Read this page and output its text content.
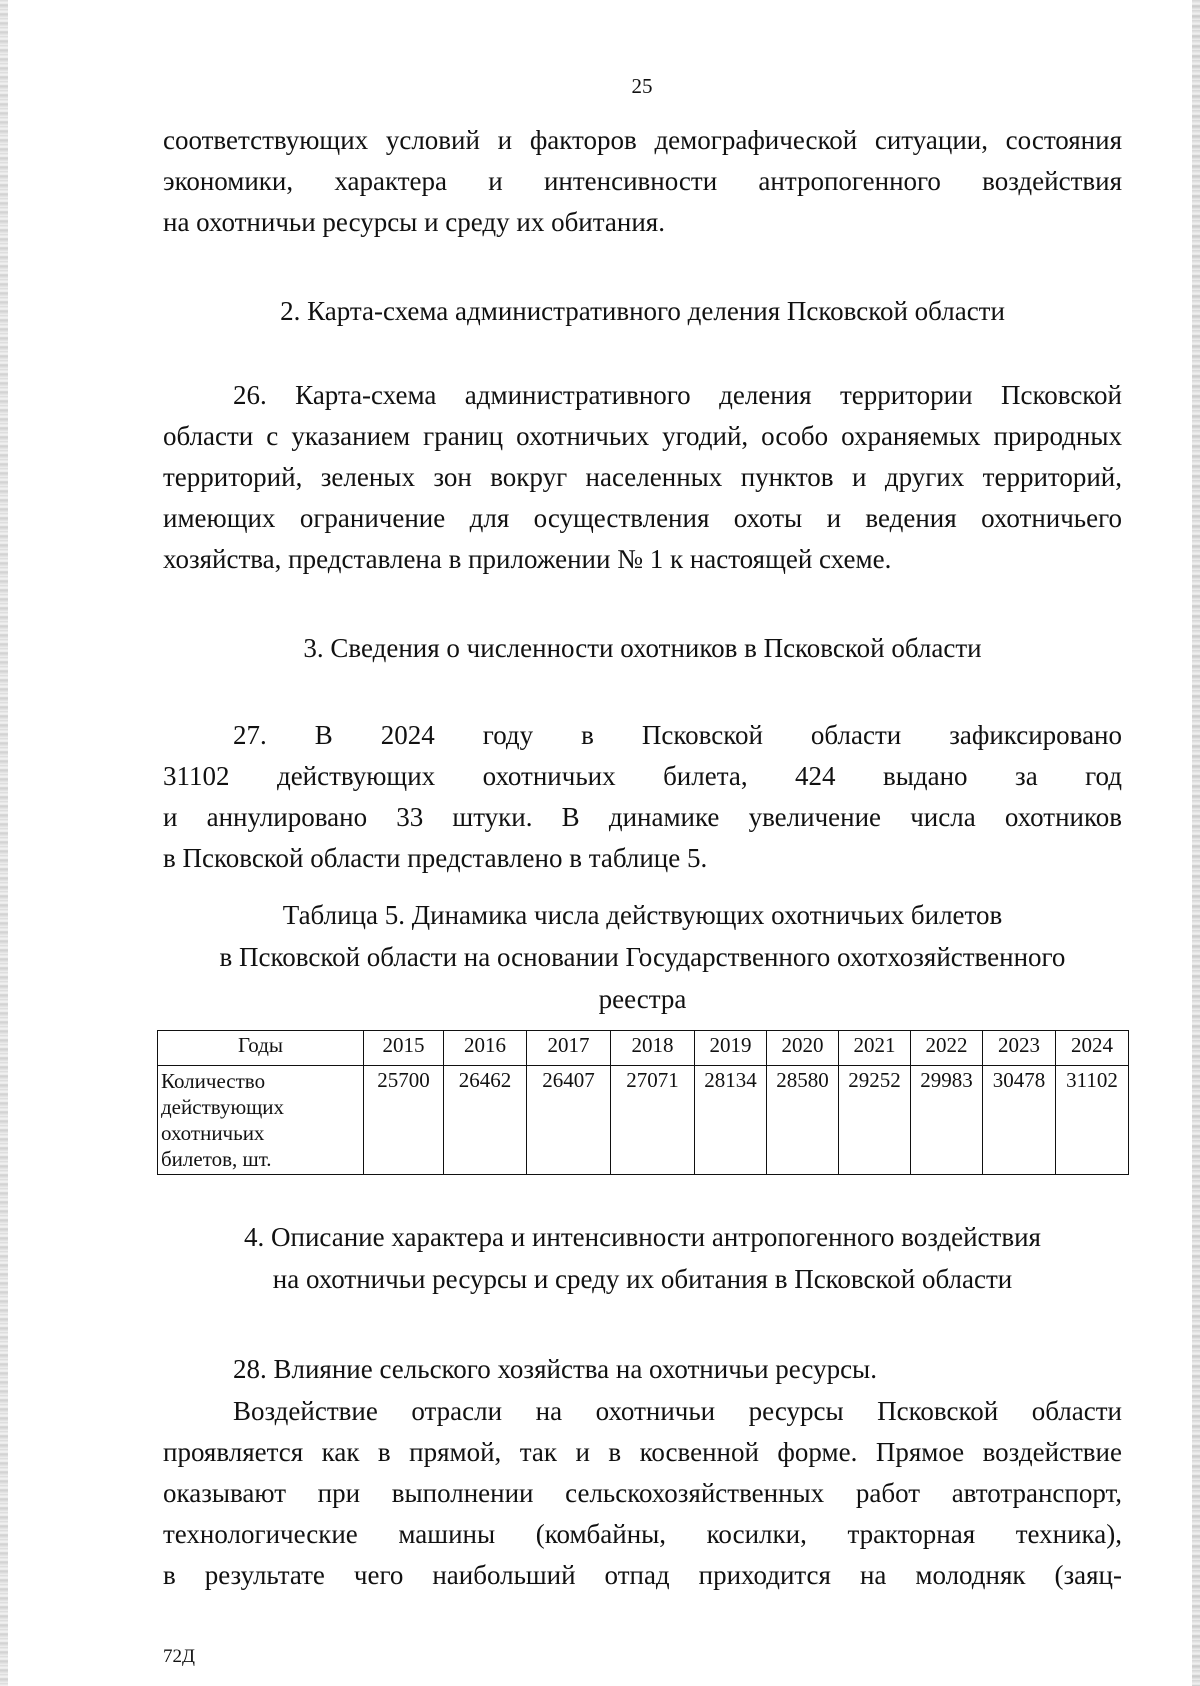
25
соответствующих условий и факторов демографической ситуации, состояния
экономики, характера и интенсивности антропогенного воздействия
на охотничьи ресурсы и среду их обитания.
2. Карта-схема административного деления Псковской области
26. Карта-схема административного деления территории Псковской
области с указанием границ охотничьих угодий, особо охраняемых природных
территорий, зеленых зон вокруг населенных пунктов и других территорий,
имеющих ограничение для осуществления охоты и ведения охотничьего
хозяйства, представлена в приложении № 1 к настоящей схеме.
3. Сведения о численности охотников в Псковской области
27. В 2024 году в Псковской области зафиксировано
31102 действующих охотничьих билета, 424 выдано за год
и аннулировано 33 штуки. В динамике увеличение числа охотников
в Псковской области представлено в таблице 5.
Таблица 5. Динамика числа действующих охотничьих билетов
в Псковской области на основании Государственного охотхозяйственного
реестра
Годы	2015	2016	2017	2018	2019	2020	2021	2022	2023	2024

Количество
действующих
охотничьих
билетов, шт.	25700	26462	26407	27071	28134	28580	29252	29983	30478	31102
4. Описание характера и интенсивности антропогенного воздействия
на охотничьи ресурсы и среду их обитания в Псковской области
28. Влияние сельского хозяйства на охотничьи ресурсы.
Воздействие отрасли на охотничьи ресурсы Псковской области
проявляется как в прямой, так и в косвенной форме. Прямое воздействие
оказывают при выполнении сельскохозяйственных работ автотранспорт,
технологические машины (комбайны, косилки, тракторная техника),
в результате чего наибольший отпад приходится на молодняк (заяц-
72Д
